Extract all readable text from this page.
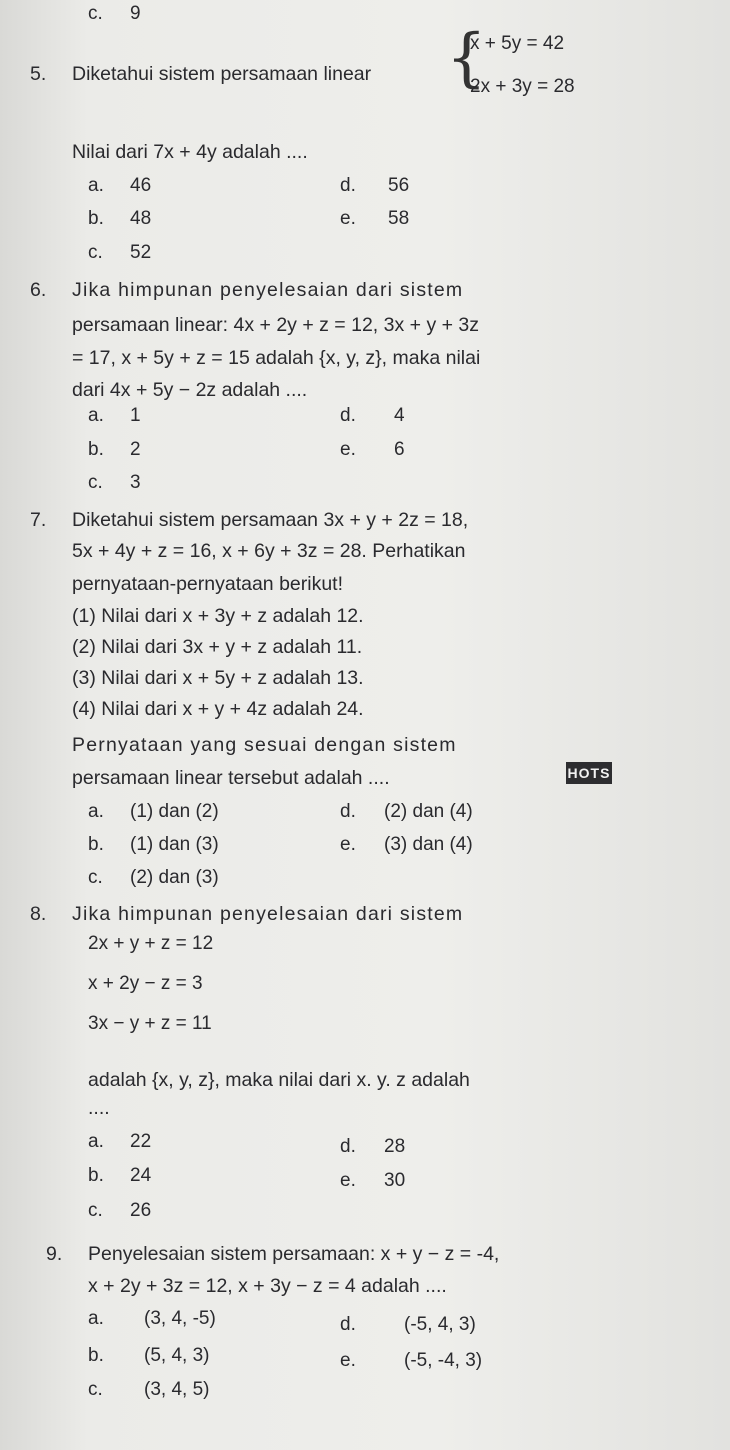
c. 9
5. Diketahui sistem persamaan linear {
x + 5y = 42
2x + 3y = 28
Nilai dari 7x + 4y adalah ....
a. 46
b. 48
c. 52
d. 56
e. 58
6. Jika himpunan penyelesaian dari sistem
persamaan linear: 4x + 2y + z = 12, 3x + y + 3z
= 17, x + 5y + z = 15 adalah {x, y, z}, maka nilai
dari 4x + 5y − 2z adalah ....
a. 1
b. 2
c. 3
d. 4
e. 6
7. Diketahui sistem persamaan 3x + y + 2z = 18,
5x + 4y + z = 16, x + 6y + 3z = 28. Perhatikan
pernyataan-pernyataan berikut!
(1) Nilai dari x + 3y + z adalah 12.
(2) Nilai dari 3x + y + z adalah 11.
(3) Nilai dari x + 5y + z adalah 13.
(4) Nilai dari x + y + 4z adalah 24.
Pernyataan yang sesuai dengan sistem
persamaan linear tersebut adalah ....	HOTS
a. (1) dan (2)
b. (1) dan (3)
c. (2) dan (3)
d. (2) dan (4)
e. (3) dan (4)
8. Jika himpunan penyelesaian dari sistem
2x + y + z = 12
x + 2y − z = 3
3x − y + z = 11
adalah {x, y, z}, maka nilai dari x. y. z adalah
....
a. 22
b. 24
c. 26
d. 28
e. 30
9. Penyelesaian sistem persamaan: x + y − z = -4,
x + 2y + 3z = 12, x + 3y − z = 4 adalah ....
a. (3, 4, -5)
b. (5, 4, 3)
c. (3, 4, 5)
d.	(-5, 4, 3)
e.	(-5, -4, 3)
